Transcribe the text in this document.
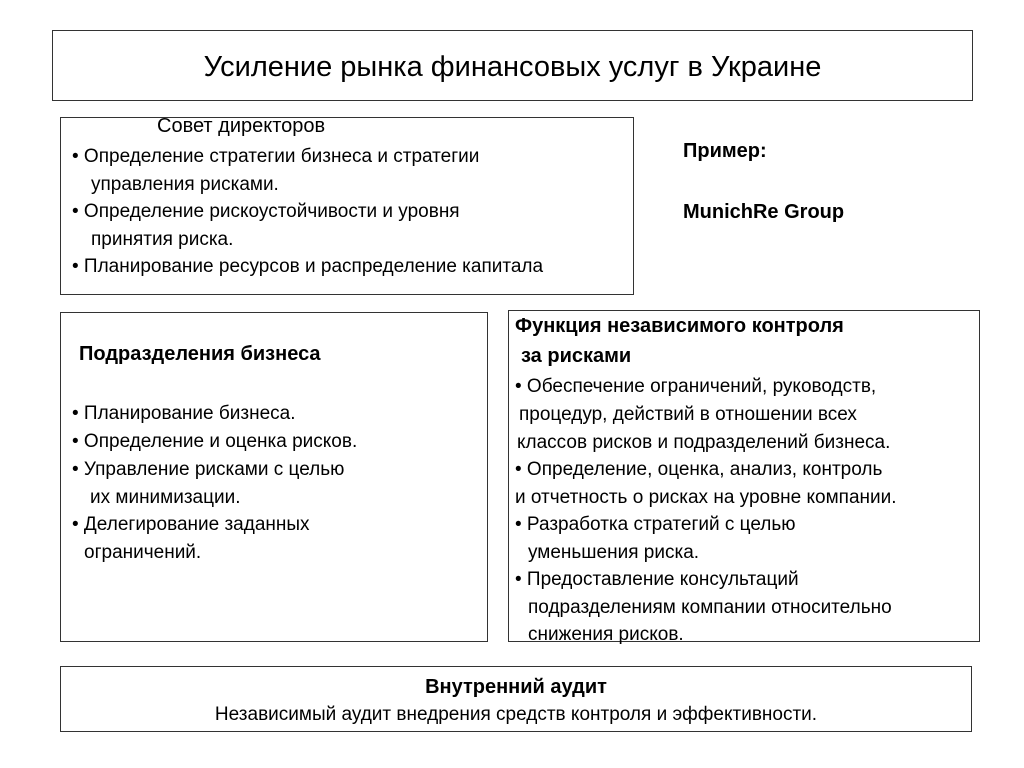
Усиление рынка финансовых услуг в Украине
Совет директоров
• Определение стратегии бизнеса и стратегии
управления рисками.
• Определение рискоустойчивости и уровня
принятия риска.
• Планирование ресурсов и распределение капитала
Пример:
MunichRe Group
Подразделения бизнеса
• Планирование бизнеса.
• Определение и оценка рисков.
• Управление рисками с целью
их минимизации.
• Делегирование заданных
ограничений.
Функция независимого контроля
за рисками
• Обеспечение ограничений, руководств,
процедур, действий в отношении всех
классов рисков и подразделений бизнеса.
• Определение, оценка, анализ, контроль
и отчетность о рисках на уровне компании.
• Разработка стратегий с целью
уменьшения риска.
• Предоставление консультаций
подразделениям компании относительно
снижения рисков.
Внутренний аудит
Независимый аудит внедрения средств контроля и эффективности.
